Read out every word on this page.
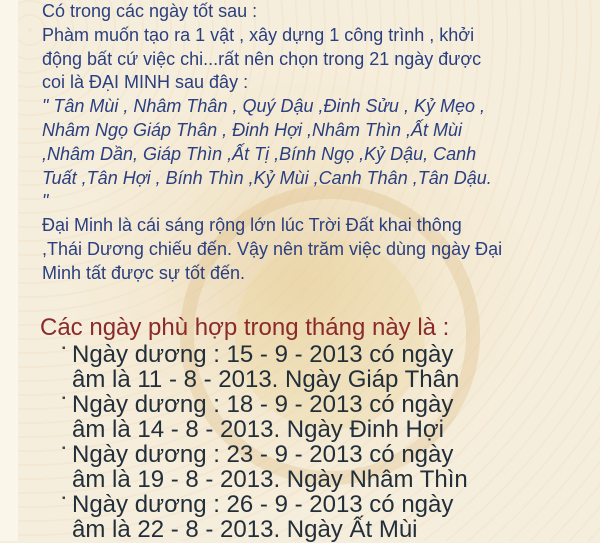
Có trong các ngày tốt sau :
Phàm muốn tạo ra 1 vật , xây dựng 1 công trình , khởi
động bất cứ việc chi...rất nên chọn trong 21 ngày được
coi là ĐẠI MINH sau đây :
" Tân Mùi , Nhâm Thân , Quý Dậu ,Đinh Sửu , Kỷ Mẹo ,
Nhâm Ngọ Giáp Thân , Đinh Hợi ,Nhâm Thìn ,Ất Mùi
,Nhâm Dần, Giáp Thìn ,Ất Tị ,Bính Ngọ ,Kỷ Dậu, Canh
Tuất ,Tân Hợi , Bính Thìn ,Kỷ Mùi ,Canh Thân ,Tân Dậu.
"
Đại Minh là cái sáng rộng lớn lúc Trời Đất khai thông
,Thái Dương chiếu đến. Vậy nên trăm việc dùng ngày Đại
Minh tất được sự tốt đến.
Các ngày phù hợp trong tháng này là :
▪ Ngày dương : 15 - 9 - 2013 có ngày
âm là 11 - 8 - 2013. Ngày Giáp Thân
▪ Ngày dương : 18 - 9 - 2013 có ngày
âm là 14 - 8 - 2013. Ngày Đinh Hợi
▪ Ngày dương : 23 - 9 - 2013 có ngày
âm là 19 - 8 - 2013. Ngày Nhâm Thìn
▪ Ngày dương : 26 - 9 - 2013 có ngày
âm là 22 - 8 - 2013. Ngày Ất Mùi
